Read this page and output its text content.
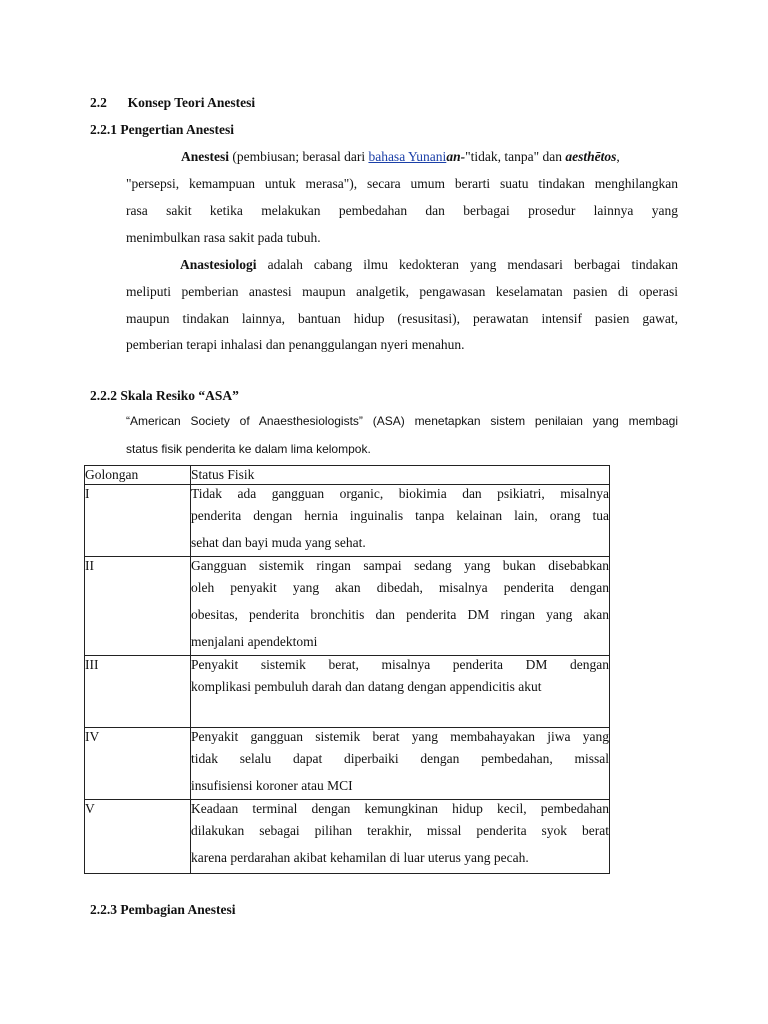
2.2 Konsep Teori Anestesi
2.2.1 Pengertian Anestesi
Anestesi (pembiusan; berasal dari bahasa Yunanian-"tidak, tanpa" dan aesthētos,
"persepsi, kemampuan untuk merasa"), secara umum berarti suatu tindakan menghilangkan
rasa sakit ketika melakukan pembedahan dan berbagai prosedur lainnya yang
menimbulkan rasa sakit pada tubuh.
Anastesiologi adalah cabang ilmu kedokteran yang mendasari berbagai tindakan
meliputi pemberian anastesi maupun analgetik, pengawasan keselamatan pasien di operasi
maupun tindakan lainnya, bantuan hidup (resusitasi), perawatan intensif pasien gawat,
pemberian terapi inhalasi dan penanggulangan nyeri menahun.
2.2.2 Skala Resiko “ASA”
“American Society of Anaesthesiologists” (ASA) menetapkan sistem penilaian yang membagi
status fisik penderita ke dalam lima kelompok.
Golongan	Status Fisik
I	Tidak ada gangguan organic, biokimia dan psikiatri, misalnya
penderita dengan hernia inguinalis tanpa kelainan lain, orang tua
sehat dan bayi muda yang sehat.

II	Gangguan sistemik ringan sampai sedang yang bukan disebabkan
oleh penyakit yang akan dibedah, misalnya penderita dengan
obesitas, penderita bronchitis dan penderita DM ringan yang akan
menjalani apendektomi

III	Penyakit sistemik berat, misalnya penderita DM dengan
komplikasi pembuluh darah dan datang dengan appendicitis akut

IV	Penyakit gangguan sistemik berat yang membahayakan jiwa yang
tidak selalu dapat diperbaiki dengan pembedahan, missal
insufisiensi koroner atau MCI

V	Keadaan terminal dengan kemungkinan hidup kecil, pembedahan
dilakukan sebagai pilihan terakhir, missal penderita syok berat
karena perdarahan akibat kehamilan di luar uterus yang pecah.
2.2.3 Pembagian Anestesi
